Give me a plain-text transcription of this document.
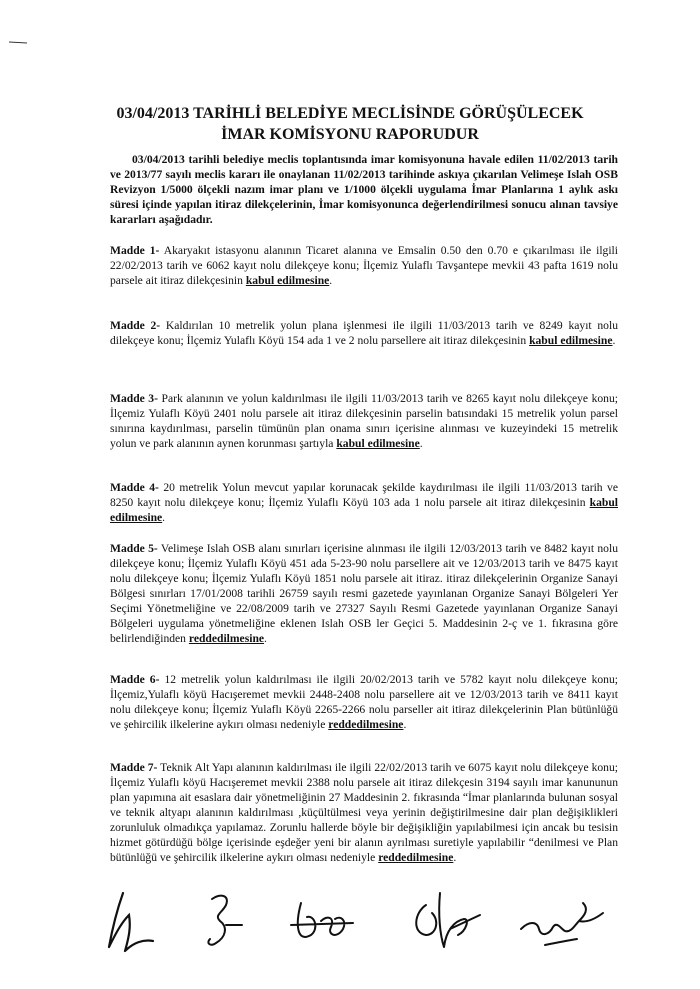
03/04/2013 TARİHLİ BELEDİYE MECLİSİNDE GÖRÜŞÜLECEK
İMAR KOMİSYONU RAPORUDUR
03/04/2013 tarihli belediye meclis toplantısında imar komisyonuna havale edilen 11/02/2013 tarih ve 2013/77 sayılı meclis kararı ile onaylanan 11/02/2013 tarihinde askıya çıkarılan Velimeşe Islah OSB Revizyon 1/5000 ölçekli nazım imar planı ve 1/1000 ölçekli uygulama İmar Planlarına 1 aylık askı süresi içinde yapılan itiraz dilekçelerinin, İmar komisyonunca değerlendirilmesi sonucu alınan tavsiye kararları aşağıdadır.
Madde 1- Akaryakıt istasyonu alanının Ticaret alanına ve Emsalin 0.50 den 0.70 e çıkarılması ile ilgili 22/02/2013 tarih ve 6062 kayıt nolu dilekçeye konu; İlçemiz Yulaflı Tavşantepe mevkii 43 pafta 1619 nolu parsele ait itiraz dilekçesinin kabul edilmesine.
Madde 2- Kaldırılan 10 metrelik yolun plana işlenmesi ile ilgili 11/03/2013 tarih ve 8249 kayıt nolu dilekçeye konu; İlçemiz Yulaflı Köyü 154 ada 1 ve 2 nolu parsellere ait itiraz dilekçesinin kabul edilmesine.
Madde 3- Park alanının ve yolun kaldırılması ile ilgili 11/03/2013 tarih ve 8265 kayıt nolu dilekçeye konu; İlçemiz Yulaflı Köyü 2401 nolu parsele ait itiraz dilekçesinin parselin batısındaki 15 metrelik yolun parsel sınırına kaydırılması, parselin tümünün plan onama sınırı içerisine alınması ve kuzeyindeki 15 metrelik yolun ve park alanının aynen korunması şartıyla kabul edilmesine.
Madde 4- 20 metrelik Yolun mevcut yapılar korunacak şekilde kaydırılması ile ilgili 11/03/2013 tarih ve 8250 kayıt nolu dilekçeye konu; İlçemiz Yulaflı Köyü 103 ada 1 nolu parsele ait itiraz dilekçesinin kabul edilmesine.
Madde 5- Velimeşe Islah OSB alanı sınırları içerisine alınması ile ilgili 12/03/2013 tarih ve 8482 kayıt nolu dilekçeye konu; İlçemiz Yulaflı Köyü 451 ada 5-23-90 nolu parsellere ait ve 12/03/2013 tarih ve 8475 kayıt nolu dilekçeye konu; İlçemiz Yulaflı Köyü 1851 nolu parsele ait itiraz. itiraz dilekçelerinin Organize Sanayi Bölgesi sınırları 17/01/2008 tarihli 26759 sayılı resmi gazetede yayınlanan Organize Sanayi Bölgeleri Yer Seçimi Yönetmeliğine ve 22/08/2009 tarih ve 27327 Sayılı Resmi Gazetede yayınlanan Organize Sanayi Bölgeleri uygulama yönetmeliğine eklenen Islah OSB ler Geçici 5. Maddesinin 2-ç ve 1. fıkrasına göre belirlendiğinden reddedilmesine.
Madde 6- 12 metrelik yolun kaldırılması ile ilgili 20/02/2013 tarih ve 5782 kayıt nolu dilekçeye konu; İlçemiz,Yulaflı köyü Hacışeremet mevkii 2448-2408 nolu parsellere ait ve 12/03/2013 tarih ve 8411 kayıt nolu dilekçeye konu; İlçemiz Yulaflı Köyü 2265-2266 nolu parseller ait itiraz dilekçelerinin Plan bütünlüğü ve şehircilik ilkelerine aykırı olması nedeniyle reddedilmesine.
Madde 7- Teknik Alt Yapı alanının kaldırılması ile ilgili 22/02/2013 tarih ve 6075 kayıt nolu dilekçeye konu; İlçemiz Yulaflı köyü Hacışeremet mevkii 2388 nolu parsele ait itiraz dilekçesin 3194 sayılı imar kanununun plan yapımına ait esaslara dair yönetmeliğinin 27 Maddesinin 2. fıkrasında “İmar planlarında bulunan sosyal ve teknik altyapı alanının kaldırılması ,küçültülmesi veya yerinin değiştirilmesine dair plan değişiklikleri zorunluluk olmadıkça yapılamaz. Zorunlu hallerde böyle bir değişikliğin yapılabilmesi için ancak bu tesisin hizmet götürdüğü bölge içerisinde eşdeğer yeni bir alanın ayrılması suretiyle yapılabilir “denilmesi ve Plan bütünlüğü ve şehircilik ilkelerine aykırı olması nedeniyle reddedilmesine.
